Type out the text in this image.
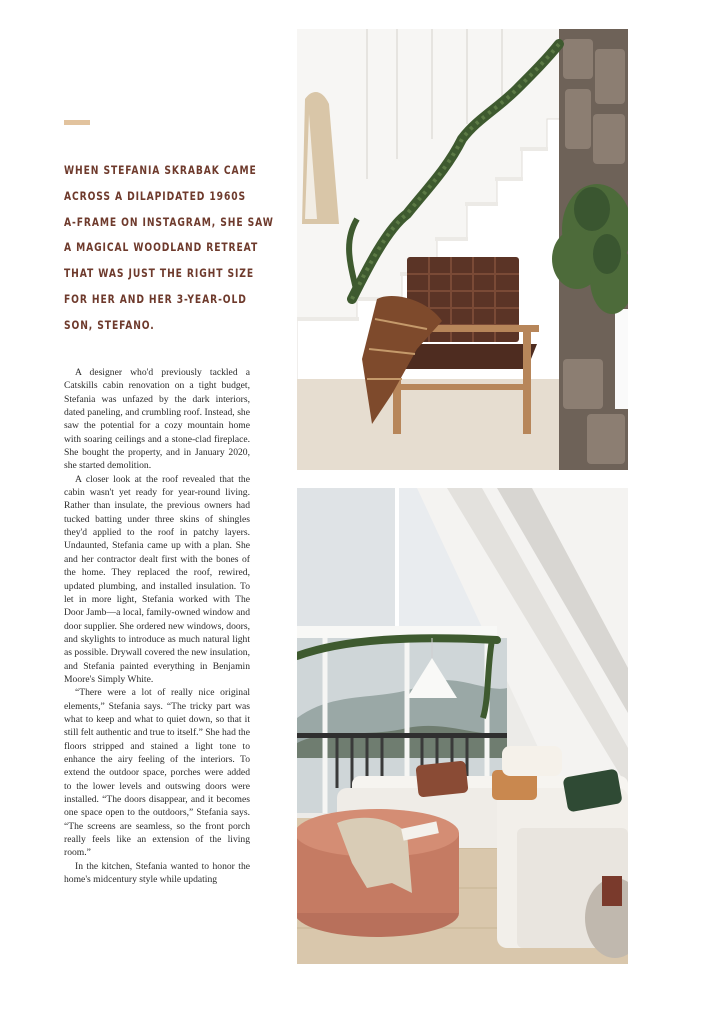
WHEN STEFANIA SKRABAK CAME
ACROSS A DILAPIDATED 1960S
A-FRAME ON INSTAGRAM, SHE SAW
A MAGICAL WOODLAND RETREAT
THAT WAS JUST THE RIGHT SIZE
FOR HER AND HER 3-YEAR-OLD
SON, STEFANO.

A designer who'd previously tackled a Catskills cabin renovation on a tight budget, Stefania was unfazed by the dark interiors, dated paneling, and crumbling roof. Instead, she saw the potential for a cozy mountain home with soaring ceilings and a stone-clad fireplace. She bought the property, and in January 2020, she started demolition.

A closer look at the roof revealed that the cabin wasn't yet ready for year-round living. Rather than insulate, the previous owners had tucked batting under three skins of shingles they'd applied to the roof in patchy layers. Undaunted, Stefania came up with a plan. She and her contractor dealt first with the bones of the home. They replaced the roof, rewired, updated plumbing, and installed insulation. To let in more light, Stefania worked with The Door Jamb—a local, family-owned window and door supplier. She ordered new windows, doors, and skylights to introduce as much natural light as possible. Drywall covered the new insulation, and Stefania painted everything in Benjamin Moore's Simply White.

“There were a lot of really nice original elements,” Stefania says. “The tricky part was what to keep and what to quiet down, so that it still felt authentic and true to itself.” She had the floors stripped and stained a light tone to enhance the airy feeling of the interiors. To extend the outdoor space, porches were added to the lower levels and outswing doors were installed. “The doors disappear, and it becomes one space open to the outdoors,” Stefania says. “The screens are seamless, so the front porch really feels like an extension of the living room.”

In the kitchen, Stefania wanted to honor the home's midcentury style while updating
